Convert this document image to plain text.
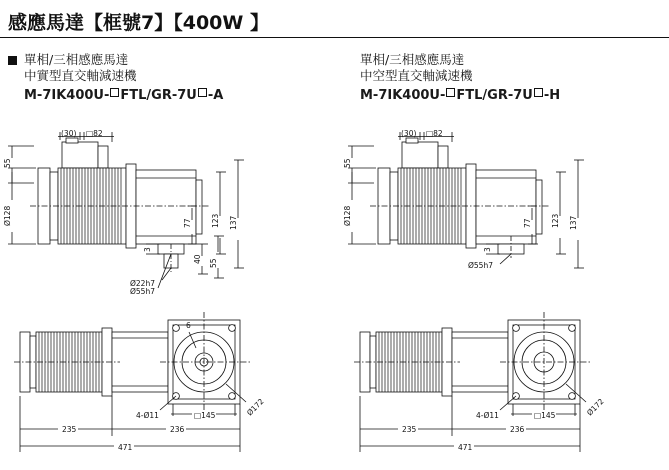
感應馬達【框號7】【400W 】
單相/三相感應馬達
中實型直交軸減速機
M-7IK400U- FTL/GR-7U -A
單相/三相感應馬達
中空型直交軸減速機
M-7IK400U- FTL/GR-7U -H
(30) □82
55
Ø128	77	123 137
3
40 55
Ø22h7
Ø55h7
(30) □82
55
Ø128	77	123 137
3
Ø55h7
6
Ø172
4-Ø11	□145
235	236
471
Ø172
4-Ø11	□145
235	236
471
